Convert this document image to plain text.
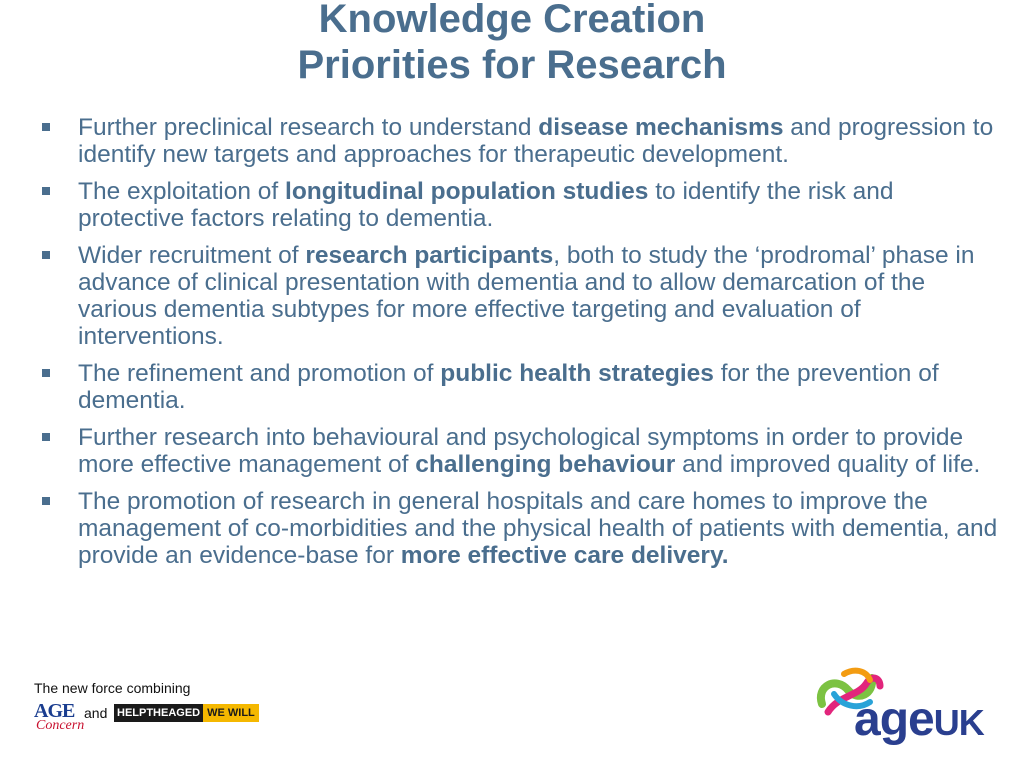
Knowledge Creation
Priorities for Research
Further preclinical research to understand disease mechanisms and progression to identify new targets and approaches for therapeutic development.
The exploitation of longitudinal population studies to identify the risk and protective factors relating to dementia.
Wider recruitment of research participants, both to study the ‘prodromal’ phase in advance of clinical presentation with dementia and to allow demarcation of the various dementia subtypes for more effective targeting and evaluation of interventions.
The refinement and promotion of public health strategies for the prevention of dementia.
Further research into behavioural and psychological symptoms in order to provide more effective management of challenging behaviour and improved quality of life.
The promotion of research in general hospitals and care homes to improve the management of co-morbidities and the physical health of patients with dementia, and provide an evidence-base for more effective care delivery.
The new force combining
AGE
Concern
and HELPTHEAGED WE WILL	ageUK
